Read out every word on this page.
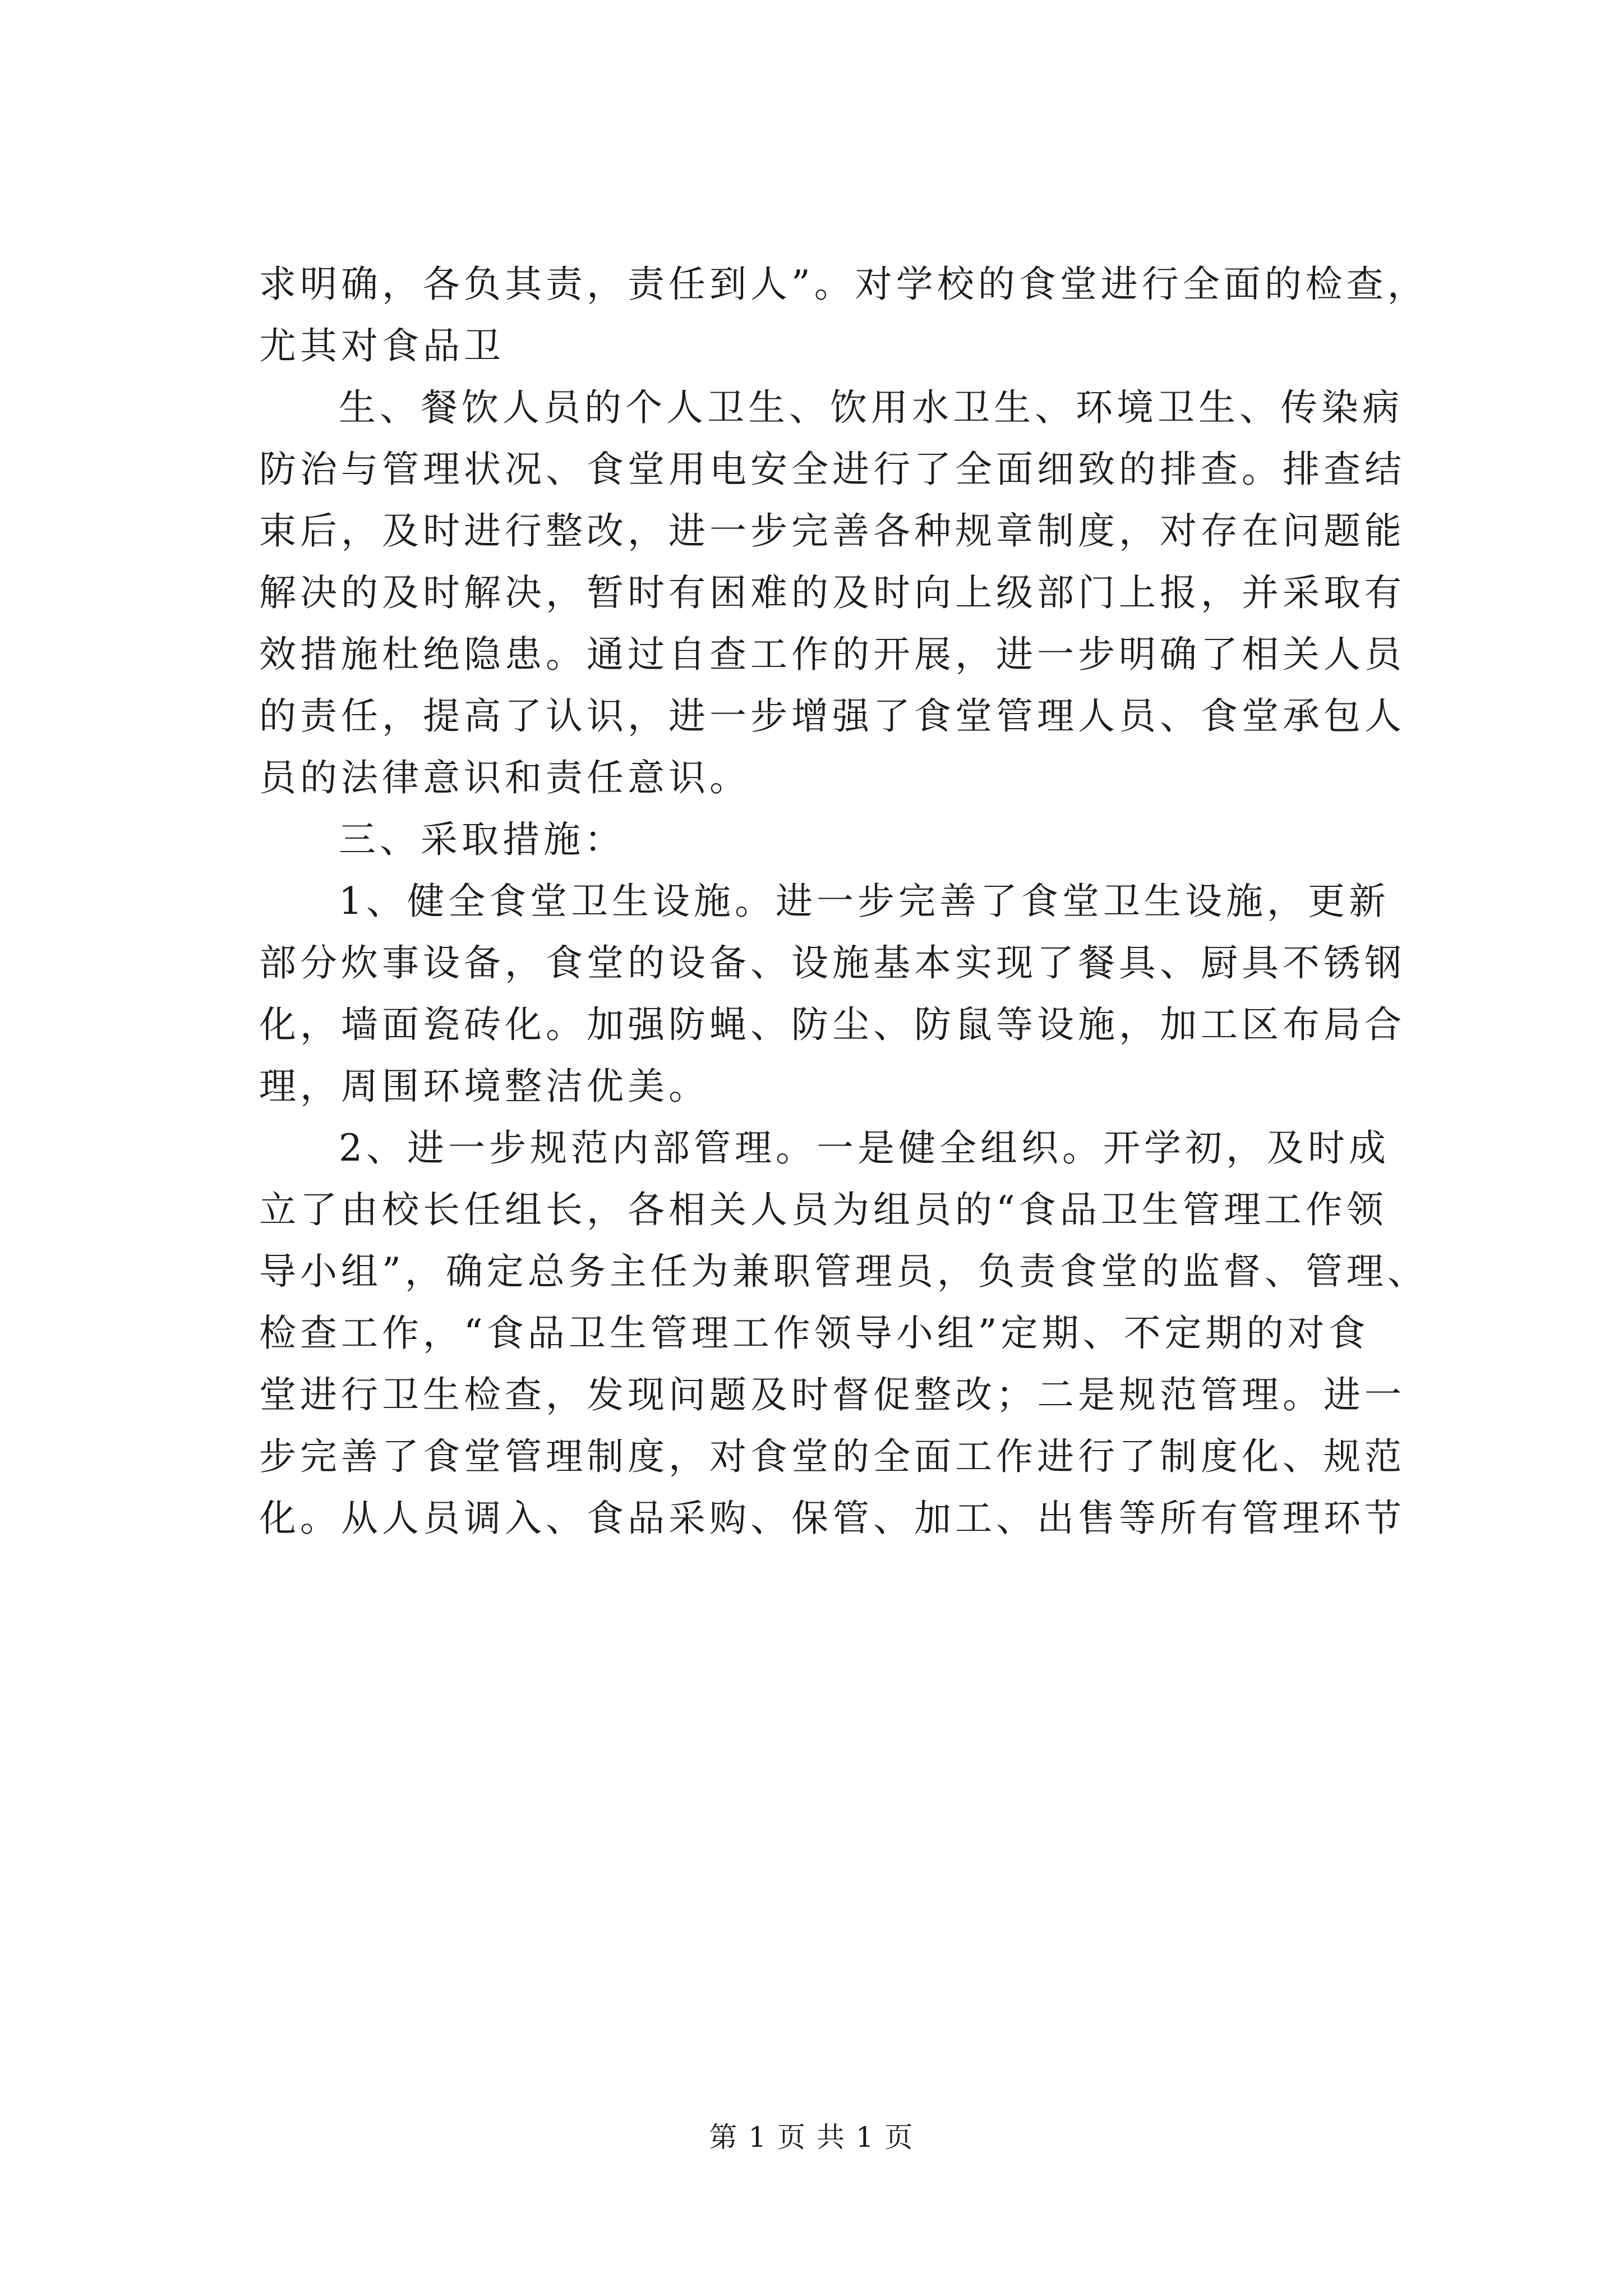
求明确，各负其责，责任到人”。对学校的食堂进行全面的检查，
尤其对食品卫
生、餐饮人员的个人卫生、饮用水卫生、环境卫生、传染病
防治与管理状况、食堂用电安全进行了全面细致的排查。排查结
束后，及时进行整改，进一步完善各种规章制度，对存在问题能
解决的及时解决，暂时有困难的及时向上级部门上报，并采取有
效措施杜绝隐患。通过自查工作的开展，进一步明确了相关人员
的责任，提高了认识，进一步增强了食堂管理人员、食堂承包人
员的法律意识和责任意识。
三、采取措施：
1、健全食堂卫生设施。进一步完善了食堂卫生设施，更新
部分炊事设备，食堂的设备、设施基本实现了餐具、厨具不锈钢
化，墙面瓷砖化。加强防蝇、防尘、防鼠等设施，加工区布局合
理，周围环境整洁优美。
2、进一步规范内部管理。一是健全组织。开学初，及时成
立了由校长任组长，各相关人员为组员的“食品卫生管理工作领
导小组”，确定总务主任为兼职管理员，负责食堂的监督、管理、
检查工作，“食品卫生管理工作领导小组”定期、不定期的对食
堂进行卫生检查，发现问题及时督促整改；二是规范管理。进一
步完善了食堂管理制度，对食堂的全面工作进行了制度化、规范
化。从人员调入、食品采购、保管、加工、出售等所有管理环节
第 1 页 共 1 页
